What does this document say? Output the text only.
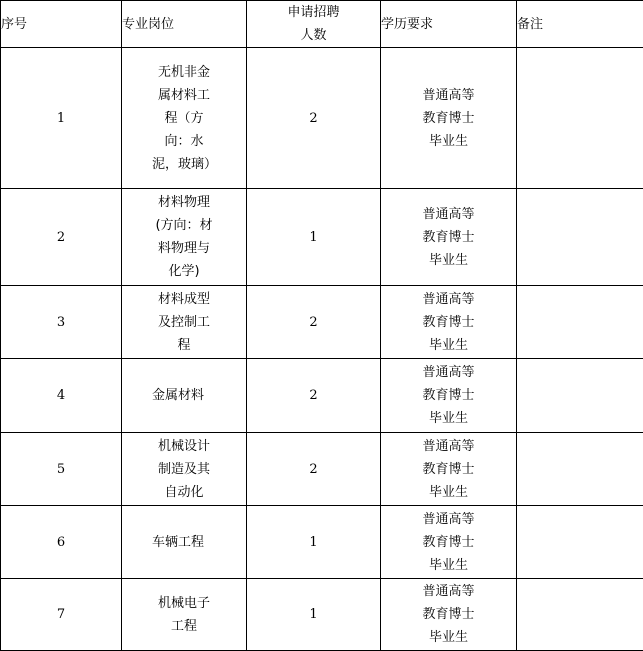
序号	专业岗位	申请招聘人数	学历要求	备注
1	无机非金属材料工程（方向：水泥，玻璃）	2	普通高等教育博士毕业生	
2	材料物理(方向：材料物理与化学)	1	普通高等教育博士毕业生	
3	材料成型及控制工程	2	普通高等教育博士毕业生	
4	金属材料	2	普通高等教育博士毕业生	
5	机械设计制造及其自动化	2	普通高等教育博士毕业生	
6	车辆工程	1	普通高等教育博士毕业生	
7	机械电子工程	1	普通高等教育博士毕业生	
